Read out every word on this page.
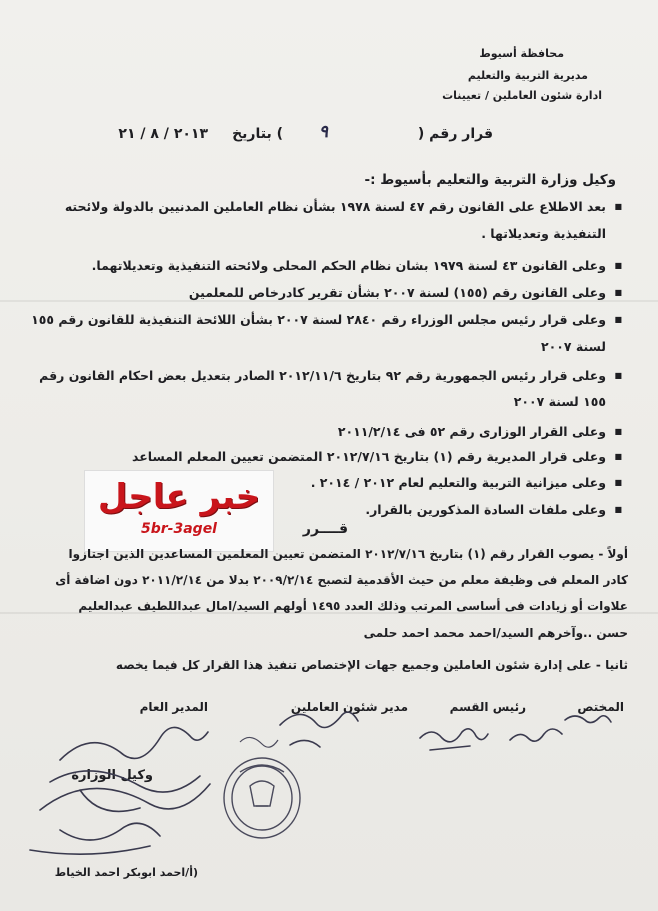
محافظة أسيوط
مديرية التربية والتعليم
ادارة شئون العاملين / تعيينات
قرار رقم (
٩
) بتاريخ
٢٠١٣ / ٨ / ٢١
وكيل وزارة التربية والتعليم بأسيوط :-
■ بعد الاطلاع على القانون رقم ٤٧ لسنة ١٩٧٨ بشأن نظام العاملين المدنيين بالدولة ولائحته
التنفيذية وتعديلاتها .
■ وعلى القانون ٤٣ لسنة ١٩٧٩ بشان نظام الحكم المحلى ولائحته التنفيذية وتعديلاتهما.
■ وعلى القانون رقم (١٥٥) لسنة ٢٠٠٧ بشأن تقرير كادرخاص للمعلمين
■ وعلى قرار رئيس مجلس الوزراء رقم ٢٨٤٠ لسنة ٢٠٠٧ بشأن اللائحة التنفيذية للقانون رقم ١٥٥
لسنة ٢٠٠٧
■ وعلى قرار رئيس الجمهورية رقم ٩٢ بتاريخ ٢٠١٢/١١/٦ الصادر بتعديل بعض احكام القانون رقم
١٥٥ لسنة ٢٠٠٧
■ وعلى القرار الوزارى رقم ٥٢ فى ٢٠١١/٢/١٤
■ وعلى قرار المديرية رقم (١) بتاريخ ٢٠١٢/٧/١٦ المتضمن تعيين المعلم المساعد
■ وعلى ميزانية التربية والتعليم لعام ٢٠١٢ / ٢٠١٤ .
■ وعلى ملفات السادة المذكورين بالقرار.
خبر عاجل
5br-3agel	قــــرر
أولاً - يصوب القرار رقم (١) بتاريخ ٢٠١٢/٧/١٦ المتضمن تعيين المعلمين المساعدين الذين اجتازوا
كادر المعلم فى وظيفة معلم من حيث الأقدمية لتصبح ٢٠٠٩/٢/١٤ بدلا من ٢٠١١/٢/١٤ دون اضافة أى
علاوات أو زيادات فى أساسى المرتب وذلك العدد ١٤٩٥ أولهم السيد/امال عبداللطيف عبدالعليم
حسن ..وآخرهم السيد/احمد محمد احمد حلمى
ثانيا - على إدارة شئون العاملين وجميع جهات الإختصاص تنفيذ هذا القرار كل فيما يخصه
المختص
رئيس القسم
مدير شئون العاملين
المدير العام
وكيل الوزارة
(أ/احمد ابوبكر احمد الخياط
